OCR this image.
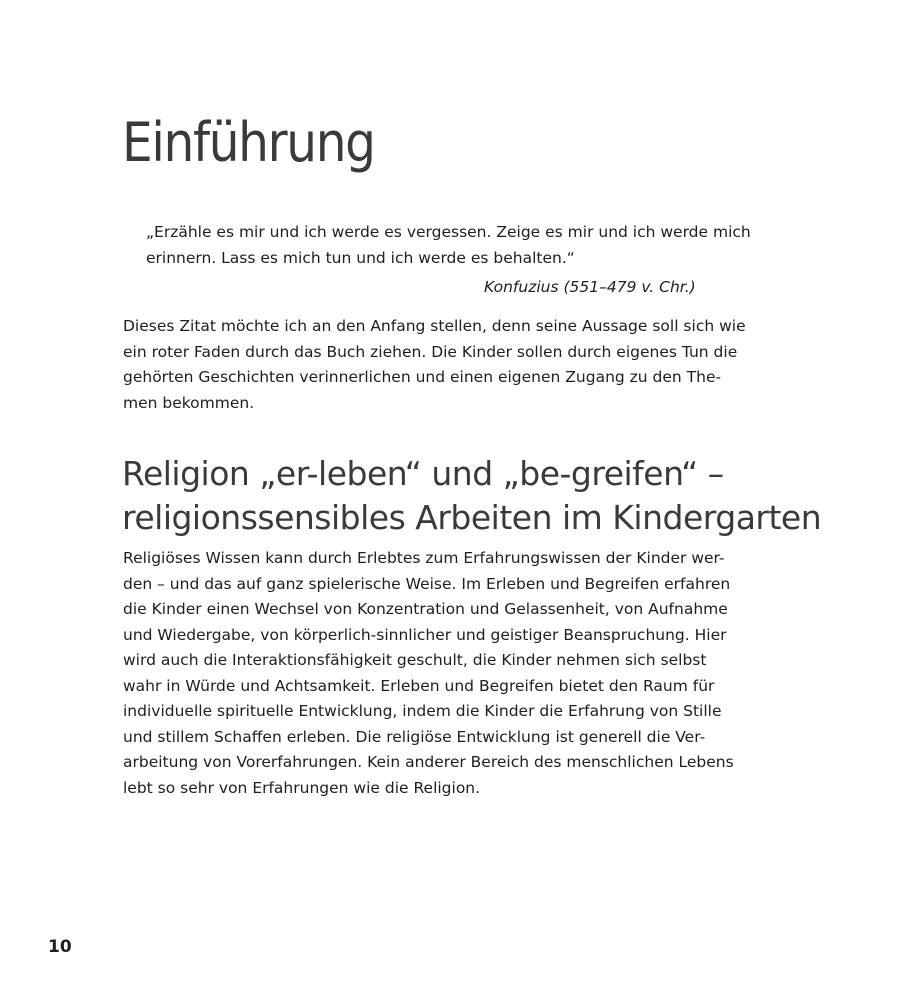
Einführung
„Erzähle es mir und ich werde es vergessen. Zeige es mir und ich werde mich
erinnern. Lass es mich tun und ich werde es behalten.“

Konfuzius (551–479 v. Chr.)

Dieses Zitat möchte ich an den Anfang stellen, denn seine Aussage soll sich wie
ein roter Faden durch das Buch ziehen. Die Kinder sollen durch eigenes Tun die
gehörten Geschichten verinnerlichen und einen eigenen Zugang zu den The-
men bekommen.

Religion „er-leben“ und „be-greifen“ –
religionssensibles Arbeiten im Kindergarten

Religiöses Wissen kann durch Erlebtes zum Erfahrungswissen der Kinder wer-
den – und das auf ganz spielerische Weise. Im Erleben und Begreifen erfahren
die Kinder einen Wechsel von Konzentration und Gelassenheit, von Aufnahme
und Wiedergabe, von körperlich-sinnlicher und geistiger Beanspruchung. Hier
wird auch die Interaktionsfähigkeit geschult, die Kinder nehmen sich selbst
wahr in Würde und Achtsamkeit. Erleben und Begreifen bietet den Raum für
individuelle spirituelle Entwicklung, indem die Kinder die Erfahrung von Stille
und stillem Schaffen erleben. Die religiöse Entwicklung ist generell die Ver-
arbeitung von Vorerfahrungen. Kein anderer Bereich des menschlichen Lebens
lebt so sehr von Erfahrungen wie die Religion.

10
